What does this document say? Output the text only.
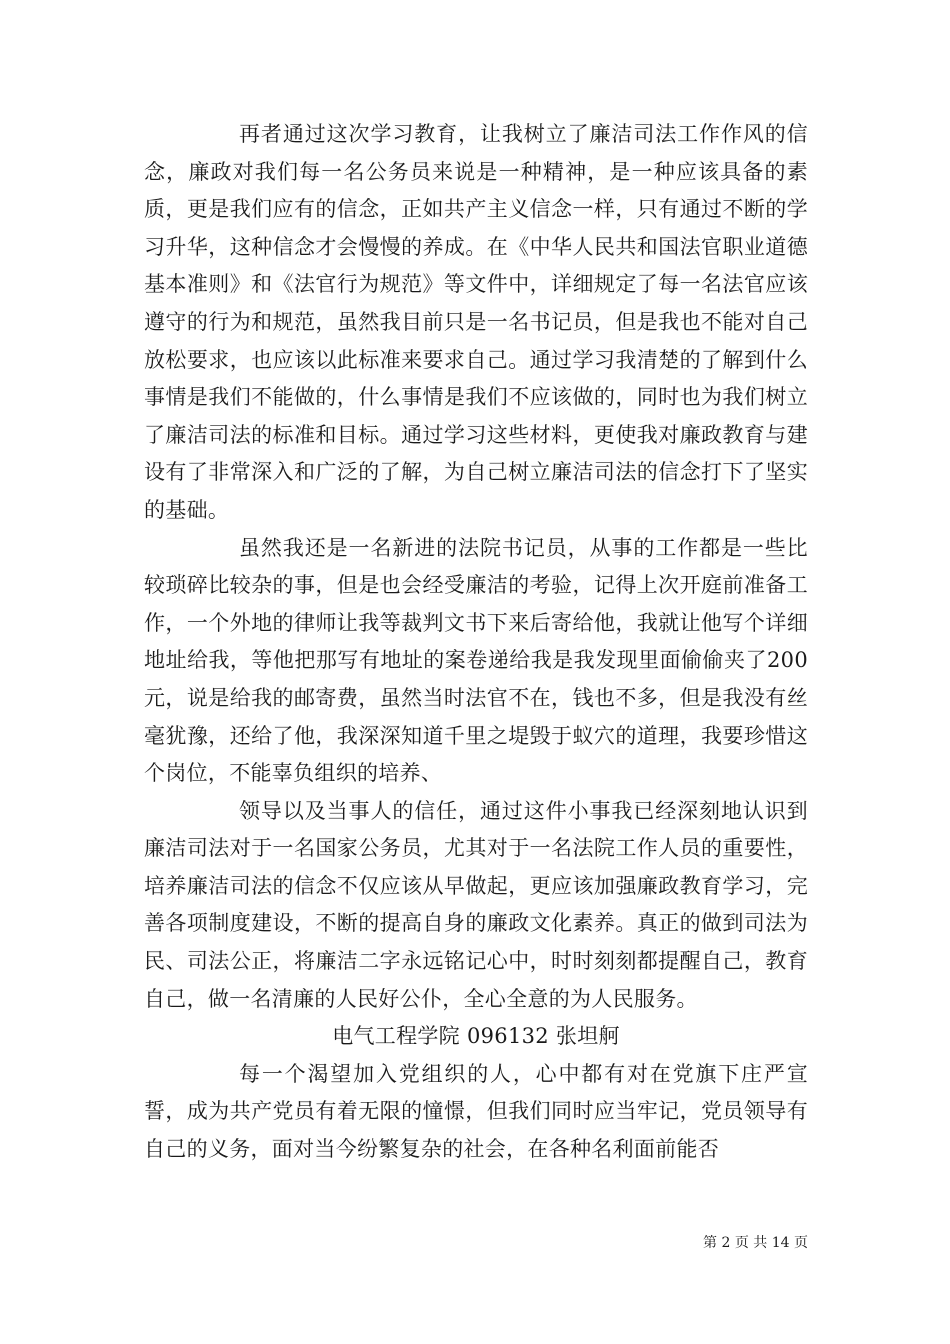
再者通过这次学习教育，让我树立了廉洁司法工作作风的信念，廉政对我们每一名公务员来说是一种精神，是一种应该具备的素质，更是我们应有的信念，正如共产主义信念一样，只有通过不断的学习升华，这种信念才会慢慢的养成。在《中华人民共和国法官职业道德基本准则》和《法官行为规范》等文件中，详细规定了每一名法官应该遵守的行为和规范，虽然我目前只是一名书记员，但是我也不能对自己放松要求，也应该以此标准来要求自己。通过学习我清楚的了解到什么事情是我们不能做的，什么事情是我们不应该做的，同时也为我们树立了廉洁司法的标准和目标。通过学习这些材料，更使我对廉政教育与建设有了非常深入和广泛的了解，为自己树立廉洁司法的信念打下了坚实的基础。

虽然我还是一名新进的法院书记员，从事的工作都是一些比较琐碎比较杂的事，但是也会经受廉洁的考验，记得上次开庭前准备工作，一个外地的律师让我等裁判文书下来后寄给他，我就让他写个详细地址给我，等他把那写有地址的案卷递给我是我发现里面偷偷夹了200元，说是给我的邮寄费，虽然当时法官不在，钱也不多，但是我没有丝毫犹豫，还给了他，我深深知道千里之堤毁于蚁穴的道理，我要珍惜这个岗位，不能辜负组织的培养、

领导以及当事人的信任，通过这件小事我已经深刻地认识到廉洁司法对于一名国家公务员，尤其对于一名法院工作人员的重要性，培养廉洁司法的信念不仅应该从早做起，更应该加强廉政教育学习，完善各项制度建设，不断的提高自身的廉政文化素养。真正的做到司法为民、司法公正，将廉洁二字永远铭记心中，时时刻刻都提醒自己，教育自己，做一名清廉的人民好公仆，全心全意的为人民服务。

电气工程学院 096132 张坦舸

每一个渴望加入党组织的人，心中都有对在党旗下庄严宣誓，成为共产党员有着无限的憧憬，但我们同时应当牢记，党员领导有自己的义务，面对当今纷繁复杂的社会，在各种名利面前能否

第 2 页 共 14 页
